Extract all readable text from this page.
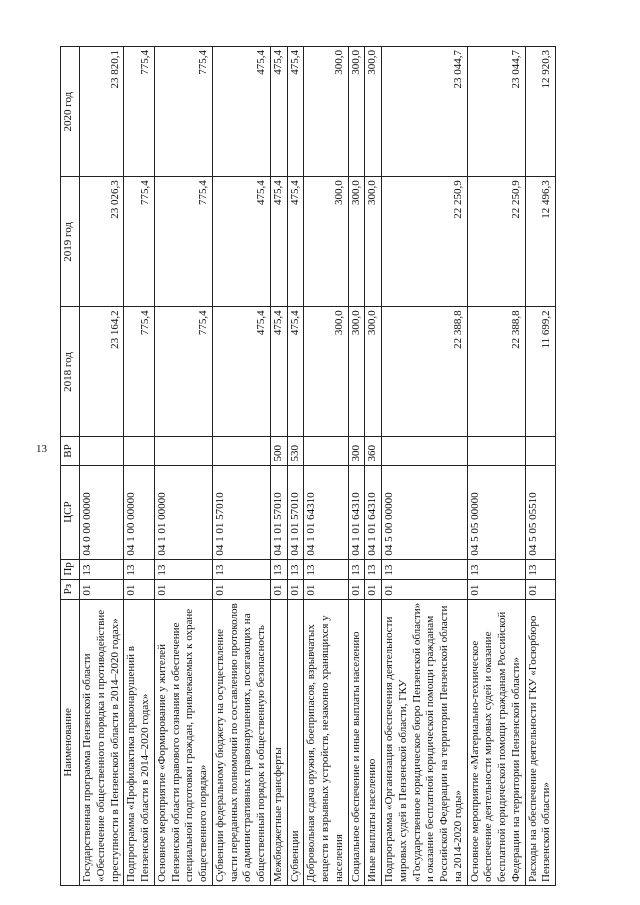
13
Наименование	Рз	Пр	ЦСР	ВР	2018 год	2019 год	2020 год
Государственная программа Пензенской области «Обеспечение общественного порядка и противодействие преступности в Пензенской области в 2014–2020 годах»	01	13	04 0 00 00000		23 164,2	23 026,3	23 820,1
Подпрограмма «Профилактика правонарушений в Пензенской области в 2014–2020 годах»	01	13	04 1 00 00000		775,4	775,4	775,4
Основное мероприятие «Формирование у жителей Пензенской области правового сознания и обеспечение специальной подготовки граждан, привлекаемых к охране общественного порядка»	01	13	04 1 01 00000		775,4	775,4	775,4
Субвенции федеральному бюджету на осуществление части переданных полномочий по составлению протоколов об административных правонарушениях, посягающих на общественный порядок и общественную безопасность	01	13	04 1 01 57010		475,4	475,4	475,4
Межбюджетные трансферты	01	13	04 1 01 57010	500	475,4	475,4	475,4
Субвенции	01	13	04 1 01 57010	530	475,4	475,4	475,4
Добровольная сдача оружия, боеприпасов, взрывчатых веществ и взрывных устройств, незаконно хранящихся у населения	01	13	04 1 01 64310		300,0	300,0	300,0
Социальное обеспечение и иные выплаты населению	01	13	04 1 01 64310	300	300,0	300,0	300,0
Иные выплаты населению	01	13	04 1 01 64310	360	300,0	300,0	300,0
Подпрограмма «Организация обеспечения деятельности мировых судей в Пензенской области, ГКУ «Государственное юридическое бюро Пензенской области» и оказание бесплатной юридической помощи гражданам Российской Федерации на территории Пензенской области на 2014-2020 годы»	01	13	04 5 00 00000		22 388,8	22 250,9	23 044,7
Основное мероприятие «Материально-техническое обеспечение деятельности мировых судей и оказание бесплатной юридической помощи гражданам Российской Федерации на территории Пензенской области»	01	13	04 5 05 00000		22 388,8	22 250,9	23 044,7
Расходы на обеспечение деятельности ГКУ «Госюрбюро Пензенской области»	01	13	04 5 05 05510		11 699,2	12 496,3	12 920,3
